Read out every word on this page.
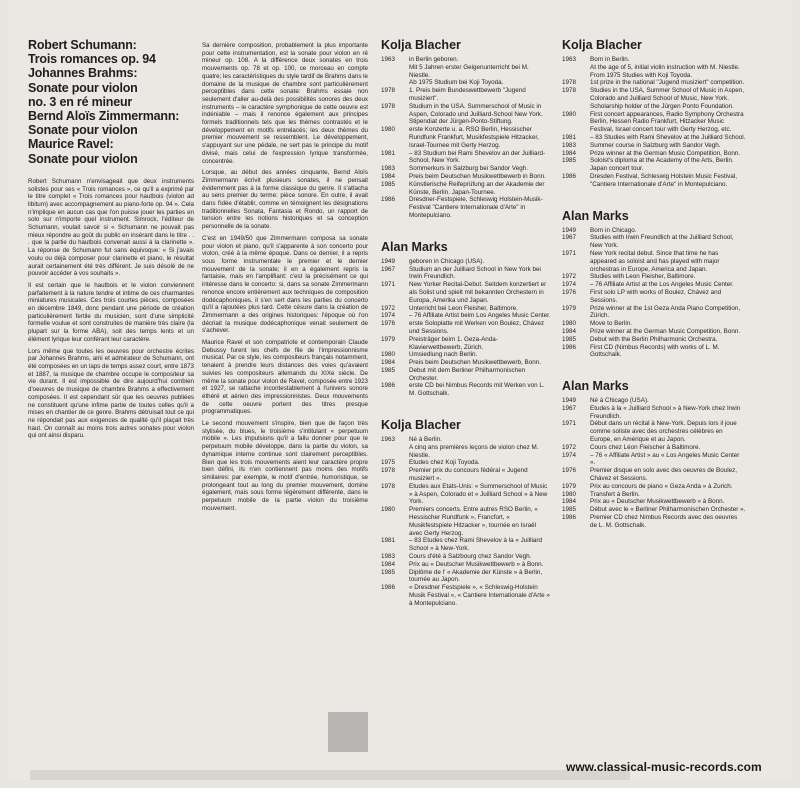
Robert Schumann:
Trois romances op. 94
Johannes Brahms:
Sonate pour violon
no. 3 en ré mineur
Bernd Aloïs Zimmermann:
Sonate pour violon
Maurice Ravel:
Sonate pour violon

Robert Schumann n'envisageait que deux instruments solistes pour ses « Trois romances », ce qu'il a exprimé par le titre complet « Trois romances pour hautbois (violon ad libitum) avec accompagnement au piano-forte op. 94 ». Cela n'implique en aucun cas que l'on puisse jouer les parties en solo sur n'importe quel instrument. Simrock, l'éditeur de Schumann, voulait savoir si « Schumann ne pouvait pas mieux répondre au goût du public en insérant dans le titre . . . que la partie du hautbois convenait aussi à la clarinette ». La réponse de Schumann fut sans équivoque: « Si j'avais voulu ou déjà composer pour clarinette et piano, le résultat aurait certainement été très différent. Je suis désolé de ne pouvoir accéder à vos souhaits ».

Il est certain que le hautbois et le violon conviennent parfaitement à la nature tendre et intime de ces charmantes miniatures musicales. Ces trois courtes pièces, composées en décembre 1849, donc pendant une période de création particulièrement fertile du musicien, sont d'une simplicité formelle voulue et sont construites de manière très claire (la plupart sur la forme ABA), soit des temps lents et un élément lyrique leur conférant leur caractère.

Lors même que toutes les oeuvres pour orchestre écrites par Johannes Brahms, ami et admirateur de Schumann, ont été composées en un laps de temps assez court, entre 1873 et 1887, la musique de chambre occupe le compositeur sa vie durant. Il est impossible de dire aujourd'hui combien d'oeuvres de musique de chambre Brahms a effectivement composées. Il est cependant sûr que les oeuvres publiées ne constituent qu'une infime partie de toutes celles qu'il a mises en chantier de ce genre. Brahms détruisait tout ce qui ne répondait pas aux exigences de qualité qu'il plaçait très haut. On connaît au moins trois autres sonates pour violon qui ont ainsi disparu.

Sa dernière composition, probablement la plus importante pour cette instrumentation, est la sonate pour violon en ré mineur op. 108. A la différence deux sonates en trois mouvements op. 78 et op. 100, ce morceau en compte quatre; les caractéristiques du style tardif de Brahms dans le domaine de la musique de chambre sont particulièrement perceptibles dans cette sonate: Brahms essaie non seulement d'aller au-delà des possibilités sonores des deux instruments – le caractère symphonique de cette oeuvre est indéniable – mais il renonce également aux principes formels traditionnels tels que les thèmes contrastés et le développement en motifs entrelacés; les deux thèmes du premier mouvement se ressemblent. Le développement, s'appuyant sur une pédale, ne sert pas le principe du motif divisé, mais celui de l'expression lyrique transformée, concentrée.

Lorsque, au début des années cinquante, Bernd Aloïs Zimmermann écrivit plusieurs sonates, il ne pensait évidemment pas à la forme classique du genre. Il s'attacha au sens premier du terme: pièce sonore. En outre, il avait dans l'idée d'établir, comme en témoignent les désignations traditionnelles Sonata, Fantasia et Rondo, un rapport de tension entre les notions historiques et sa conception personnelle de la sonate.

C'est en 1949/50 que Zimmermann composa sa sonate pour violon et piano, qu'il s'apparente à son concerto pour violon, créé à la même époque. Dans ce dernier, il a repris sous forme instrumentale le premier et le dernier mouvement de la sonate; il en a également repris la fantaisie, mais en l'amplifiant: c'est la précisément ce qui intéresse dans le concerto: si, dans sa sonate Zimmermann renonce encore entièrement aux techniques de composition dodécaphoniques, il s'en sert dans les parties du concerto qu'il a rajoutées plus tard. Cette césure dans la création de Zimmermann a des origines historiques: l'époque où l'on décriait la musique dodécaphonique venait seulement de s'achever.

Maurice Ravel et son compatriote et contemporain Claude Debussy furent les chefs de file de l'impressionnisme musical. Par ce style, les compositeurs français notamment, tenaient à prendre leurs distances des voies qu'avaient suivies les compositeurs allemands du XIXe siècle. De même la sonate pour violon de Ravel, composée entre 1923 et 1927, se rattache incontestablement à l'univers sonore éthéré et aérien des impressionnistes. Deux mouvements de cette oeuvre portent des titres presque programmatiques.

Le second mouvement s'inspire, bien que de façon très stylisée, du blues, le troisième s'intitulant « perpetuum mobile ». Les impulsions qu'il a fallu donner pour que le perpetuum mobile développe, dans la partie du violon, sa dynamique interne continue sont clairement perceptibles. Bien que les trois mouvements aient leur caractère propre bien défini, ils n'en contiennent pas moins des motifs similaires: par exemple, le motif d'entrée, humoristique, se prolongeant tout au long du premier mouvement, domine également, mais sous forme légèrement différente, dans le perpetuum mobile de la partie violon du troisième mouvement.

Kolja Blacher
1963	in Berlin geboren.
Mit 5 Jahren erster Geigenunterricht bei M. Niestle.
Ab 1975 Studium bei Koji Toyoda.
1978	1. Preis beim Bundeswettbewerb "Jugend musiziert".
1978	Studium in the USA. Summerschool of Music in Aspen, Colorado und Juilliard-School New York. Stipendiat der Jürgen-Ponto-Stiftung.
1980	erste Konzerte u. a. RSO Berlin, Hessischer Rundfunk Frankfurt, Musikfestspiele Hitzacker, Israel-Tournee mit Gerty Herzog.
1981	– 83 Studium bei Rami Shevelov an der Juilliard-School, New York.
1983	Sommerkurs in Salzburg bei Sandor Vegh.
1984	Preis beim Deutschen Musikwettbewerb in Bonn.
1985	Künstlerische Reifeprüfung an der Akademie der Künste, Berlin. Japan-Tournee.
1986	Dresdner-Festspiele, Schleswig Holstein-Musik-Festival "Cantiere Internationale d'Arte" in Montepulciano.
Alan Marks
1949	geboren in Chicago (USA).
1967	Studium an der Juilliard School in New York bei Irwin Freundlich.
1971	New Yorker Recital-Debut. Seitdem konzertiert er als Solist und spielt mit bekannten Orchestern in Europa, Amerika und Japan.
1972	Unterricht bei Leon Fleisher, Baltimore.
1974	– 76 Affiliate Artist beim Los Angeles Music Center.
1976	erste Soloplatte mit Werken von Boulez, Chávez und Sessions.
1979	Preisträger beim 1. Geza-Anda-Klavierwettbewerb, Zürich.
1980	Umsiedlung nach Berlin.
1984	Preis beim Deutschen Musikwettbewerb, Bonn.
1985	Debut mit dem Berliner Philharmonischen Orchester.
1986	erste CD bei Nimbus Records mit Werken von L. M. Gottschalk.
Kolja Blacher
1963	Né à Berlin.
A cinq ans premières leçons de violon chez M. Niestle.
1975	Etudes chez Koji Toyoda.
1978	Premier prix du concours fédéral « Jugend musiziert ».
1978	Etudes aux Etats-Unis: « Summerschool of Music » à Aspen, Colorado et « Juilliard School » à New York.
1980	Premiers concerts. Entre autres RSO Berlin, « Hessischer Rundfunk », Francfort, « Musikfestspiele Hitzacker », tournée en Israël avec Gerty Herzog.
1981	– 83 Etudes chez Rami Shevelov à la « Juilliard School » à New-York.
1983	Cours d'été à Salzbourg chez Sandor Vegh.
1984	Prix au « Deutscher Musikwettbewerb » à Bonn.
1985	Diplôme de l' « Akademie der Künste » à Berlin, tournée au Japon.
1986	« Dresdner Festspiele », « Schleswig-Holstein Musik Festival », « Cantiere Internationale d'Arte » à Montepulciano.
Kolja Blacher
1963	Born in Berlin.
At the age of 5, initial violin instruction with M. Niestle.
From 1975 Studies with Koji Toyoda.
1978	1st prize in the national "Jugend musiziert" competition.
1978	Studies in the USA, Summer School of Music in Aspen, Colorado and Juilliard School of Music, New York. Scholarship holder of the Jürgen Ponto Foundation.
1980	First concert appearances, Radio Symphony Orchestra Berlin, Hessen Radio Frankfurt, Hitzacker Music Festival, Israel concert tour with Gerty Herzog, etc.
1981	– 83 Studies with Rami Shevelov at the Juilliard School.
1983	Summer course in Salzburg with Sandor Vegh.
1984	Prize winner at the German Music Competition, Bonn.
1985	Soloist's diploma at the Academy of the Arts, Berlin. Japan concert tour.
1986	Dresden Festival, Schleswig Holstein Music Festival, "Cantiere Internationale d'Arte" in Montepulciano.
Alan Marks
1949	Born in Chicago.
1967	Studies with Irwin Freundlich at the Juilliard School, New York.
1971	New York recital debut. Since that time he has appeared as soloist and has played with major orchestras in Europe, America and Japan.
1972	Studies with Leon Fleisher, Baltimore.
1974	– 76 Affiliate Artist at the Los Angeles Music Center.
1976	First solo LP with works of Boulez, Chávez and Sessions.
1979	Prize winner at the 1st Geza Anda Piano Competition, Zürich.
1980	Move to Berlin.
1984	Prize winner at the German Music Competition, Bonn.
1985	Debut with the Berlin Philharmonic Orchestra.
1986	First CD (Nimbus Records) with works of L. M. Gottschalk.
Alan Marks
1949	Né à Chicago (USA).
1967	Etudes à la « Juilliard School » à New-York chez Irwin Freundlich.
1971	Début dans un récital à New-York. Depuis lors il joue comme soliste avec des orchestres célèbres en Europe, en Amérique et au Japon.
1972	Cours chez Léon Fleischer à Baltimore.
1974	– 76 « Affiliate Artist » au « Los Angeles Music Center ».
1976	Premier disque en solo avec des oeuvres de Boulez, Chávez et Sessions.
1979	Prix au concours de piano « Geza Anda » à Zurich.
1980	Transfert à Berlin.
1984	Prix au « Deutscher Musikwettbewerb » à Bonn.
1985	Début avec le « Berliner Philharmonischen Orchester ».
1986	Premier CD chez Nimbus Records avec des oeuvres de L. M. Gottschalk.
www.classical-music-records.com
